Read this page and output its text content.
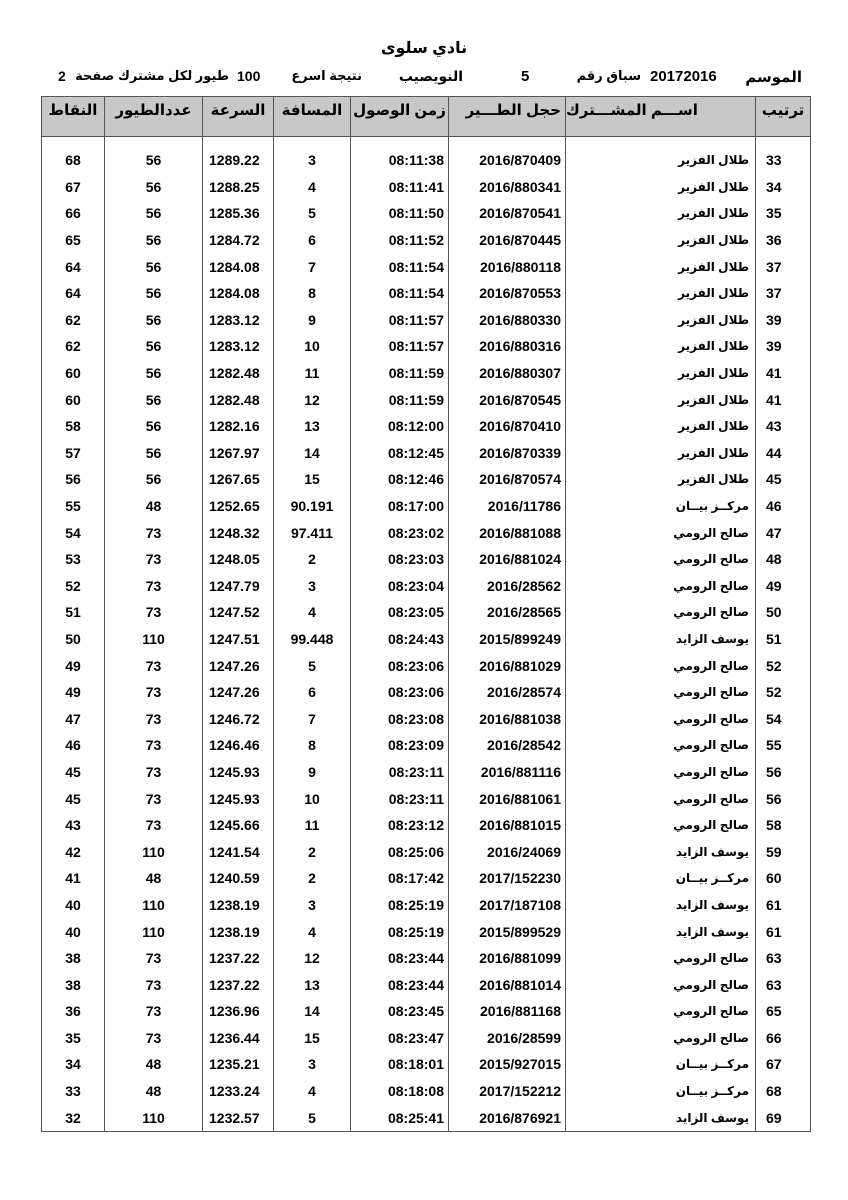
نادي سلوى
الموسم
20172016
سباق رقم
5
النويصيب
نتيجة اسرع
100
طيور لكل مشترك صفحة
2
النقاط	عددالطيور	السرعة	المسافة	زمن الوصول	حجل الطـــير	اســـم المشـــترك	ترتيب

68	56	1289.22	3	08:11:38	2016/870409	طلال الفزير	33
67	56	1288.25	4	08:11:41	2016/880341	طلال الفزير	34
66	56	1285.36	5	08:11:50	2016/870541	طلال الفزير	35
65	56	1284.72	6	08:11:52	2016/870445	طلال الفزير	36
64	56	1284.08	7	08:11:54	2016/880118	طلال الفزير	37
64	56	1284.08	8	08:11:54	2016/870553	طلال الفزير	37
62	56	1283.12	9	08:11:57	2016/880330	طلال الفزير	39
62	56	1283.12	10	08:11:57	2016/880316	طلال الفزير	39
60	56	1282.48	11	08:11:59	2016/880307	طلال الفزير	41
60	56	1282.48	12	08:11:59	2016/870545	طلال الفزير	41
58	56	1282.16	13	08:12:00	2016/870410	طلال الفزير	43
57	56	1267.97	14	08:12:45	2016/870339	طلال الفزير	44
56	56	1267.65	15	08:12:46	2016/870574	طلال الفزير	45
55	48	1252.65	90.191	08:17:00	2016/11786	مركــز بيــان	46
54	73	1248.32	97.411	08:23:02	2016/881088	صالح الرومي	47
53	73	1248.05	2	08:23:03	2016/881024	صالح الرومي	48
52	73	1247.79	3	08:23:04	2016/28562	صالح الرومي	49
51	73	1247.52	4	08:23:05	2016/28565	صالح الرومي	50
50	110	1247.51	99.448	08:24:43	2015/899249	يوسف الزايد	51
49	73	1247.26	5	08:23:06	2016/881029	صالح الرومي	52
49	73	1247.26	6	08:23:06	2016/28574	صالح الرومي	52
47	73	1246.72	7	08:23:08	2016/881038	صالح الرومي	54
46	73	1246.46	8	08:23:09	2016/28542	صالح الرومي	55
45	73	1245.93	9	08:23:11	2016/881116	صالح الرومي	56
45	73	1245.93	10	08:23:11	2016/881061	صالح الرومي	56
43	73	1245.66	11	08:23:12	2016/881015	صالح الرومي	58
42	110	1241.54	2	08:25:06	2016/24069	يوسف الزايد	59
41	48	1240.59	2	08:17:42	2017/152230	مركــز بيــان	60
40	110	1238.19	3	08:25:19	2017/187108	يوسف الزايد	61
40	110	1238.19	4	08:25:19	2015/899529	يوسف الزايد	61
38	73	1237.22	12	08:23:44	2016/881099	صالح الرومي	63
38	73	1237.22	13	08:23:44	2016/881014	صالح الرومي	63
36	73	1236.96	14	08:23:45	2016/881168	صالح الرومي	65
35	73	1236.44	15	08:23:47	2016/28599	صالح الرومي	66
34	48	1235.21	3	08:18:01	2015/927015	مركــز بيــان	67
33	48	1233.24	4	08:18:08	2017/152212	مركــز بيــان	68
32	110	1232.57	5	08:25:41	2016/876921	يوسف الزايد	69
